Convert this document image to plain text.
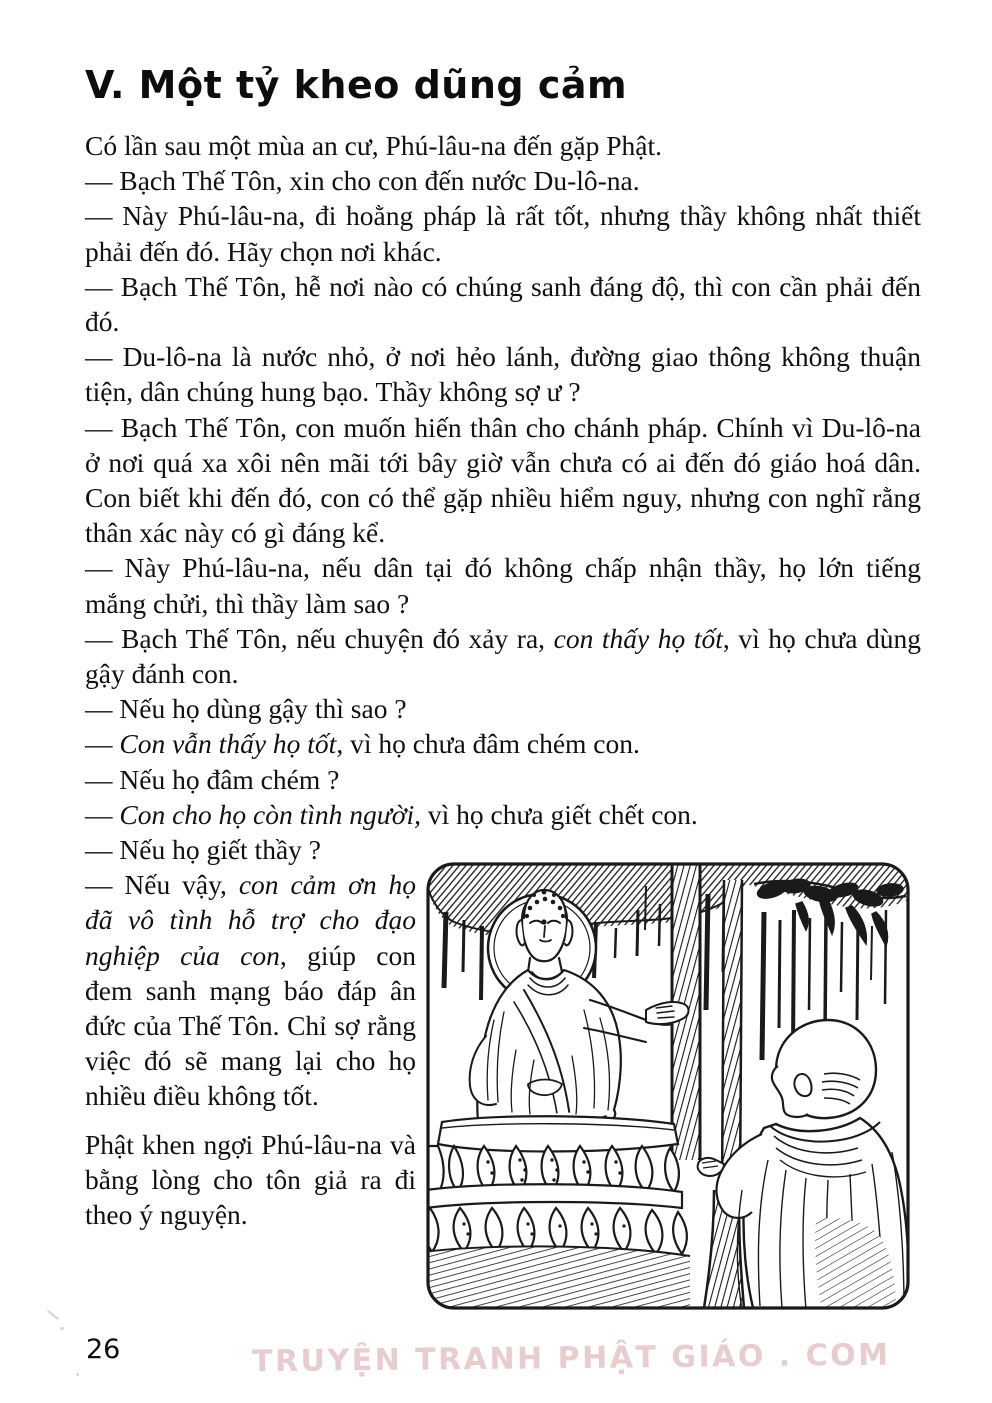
V. Một tỷ kheo dũng cảm

Có lần sau một mùa an cư, Phú-lâu-na đến gặp Phật.

— Bạch Thế Tôn, xin cho con đến nước Du-lô-na.

— Này Phú-lâu-na, đi hoằng pháp là rất tốt, nhưng thầy không nhất thiết phải đến đó. Hãy chọn nơi khác.

— Bạch Thế Tôn, hễ nơi nào có chúng sanh đáng độ, thì con cần phải đến đó.

— Du-lô-na là nước nhỏ, ở nơi hẻo lánh, đường giao thông không thuận tiện, dân chúng hung bạo. Thầy không sợ ư ?

— Bạch Thế Tôn, con muốn hiến thân cho chánh pháp. Chính vì Du-lô-na ở nơi quá xa xôi nên mãi tới bây giờ vẫn chưa có ai đến đó giáo hoá dân. Con biết khi đến đó, con có thể gặp nhiều hiểm nguy, nhưng con nghĩ rằng thân xác này có gì đáng kể.

— Này Phú-lâu-na, nếu dân tại đó không chấp nhận thầy, họ lớn tiếng mắng chửi, thì thầy làm sao ?

— Bạch Thế Tôn, nếu chuyện đó xảy ra, con thấy họ tốt, vì họ chưa dùng gậy đánh con.

— Nếu họ dùng gậy thì sao ?

— Con vẫn thấy họ tốt, vì họ chưa đâm chém con.

— Nếu họ đâm chém ?

— Con cho họ còn tình người, vì họ chưa giết chết con.

— Nếu họ giết thầy ?

— Nếu vậy, con cảm ơn họ đã vô tình hỗ trợ cho đạo nghiệp của con, giúp con đem sanh mạng báo đáp ân đức của Thế Tôn. Chỉ sợ rằng việc đó sẽ mang lại cho họ nhiều điều không tốt.

Phật khen ngợi Phú-lâu-na và bằng lòng cho tôn giả ra đi theo ý nguyện.

26	TRUYỆN TRANH PHẬT GIÁO . COM
